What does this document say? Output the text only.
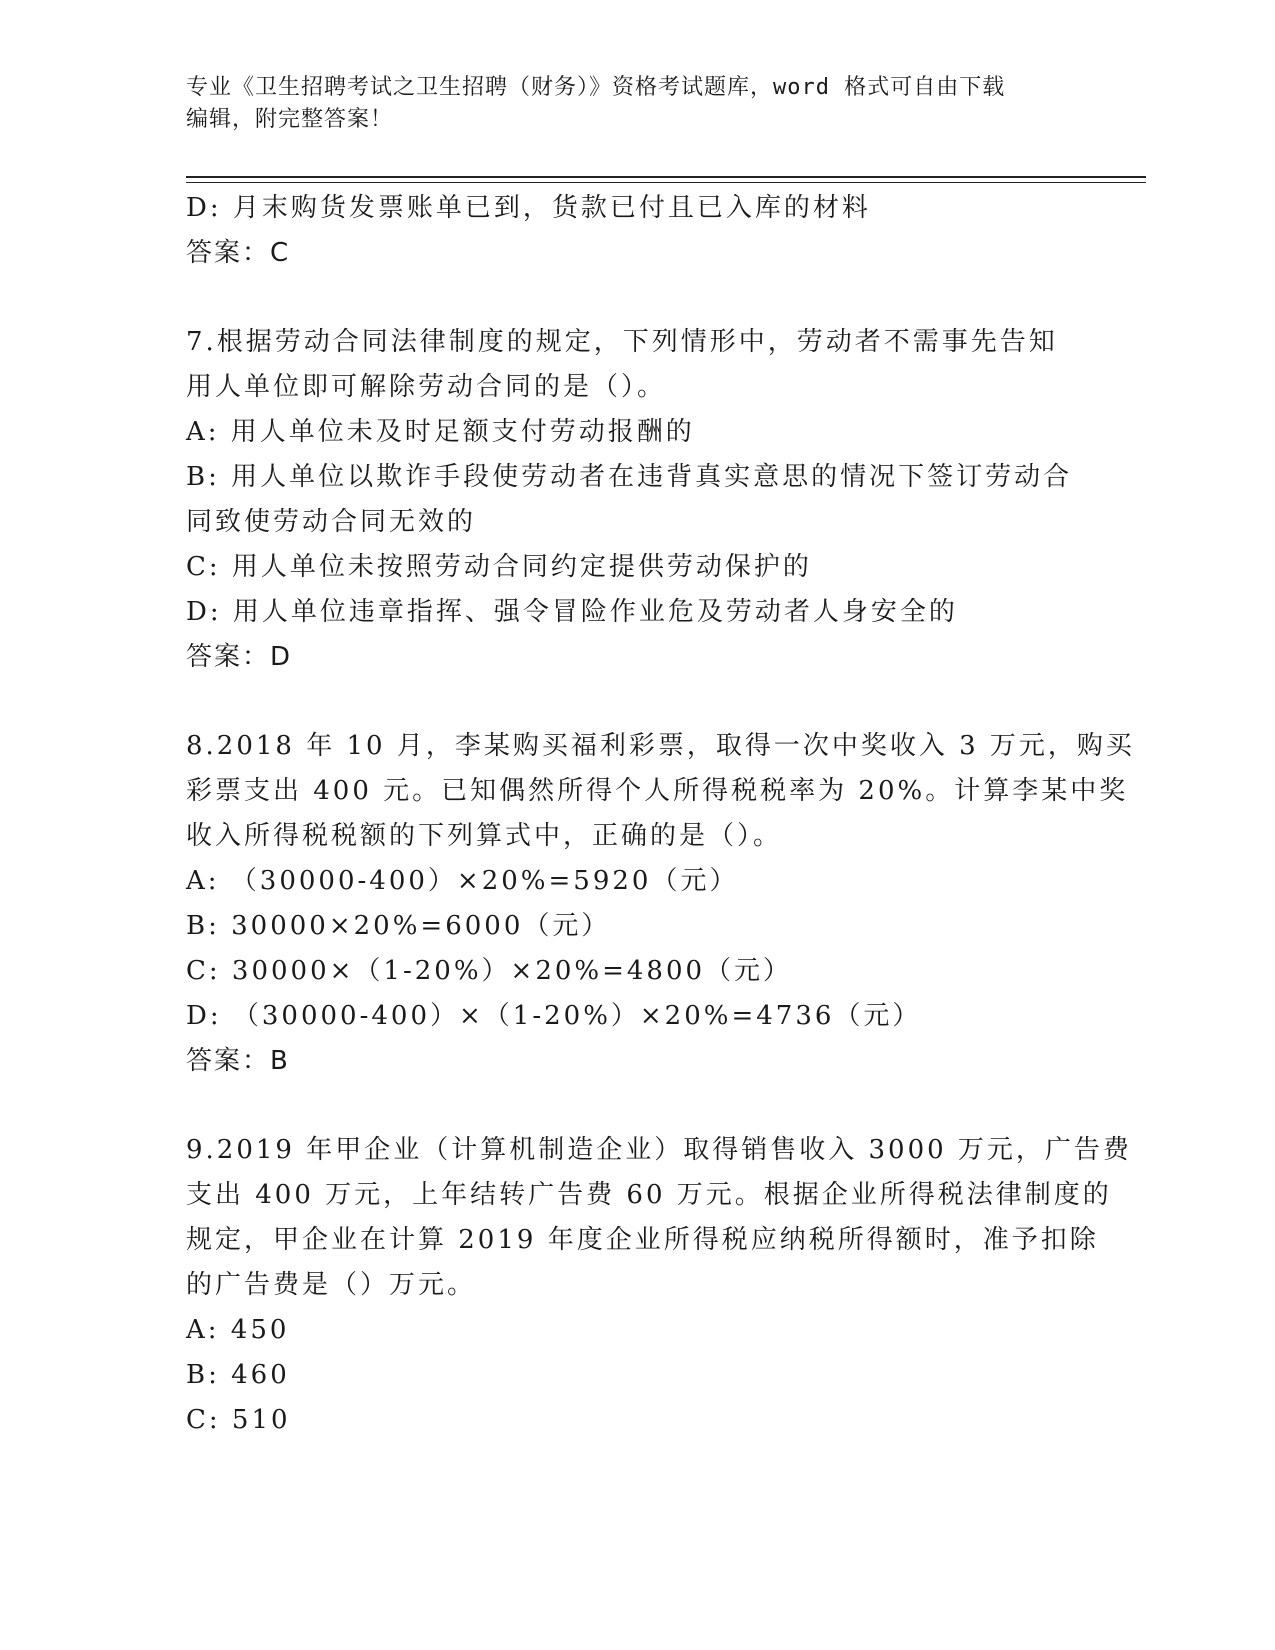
专业《卫生招聘考试之卫生招聘（财务）》资格考试题库，word 格式可自由下载
编辑，附完整答案！
D: 月末购货发票账单已到，货款已付且已入库的材料
答案：C
7.根据劳动合同法律制度的规定，下列情形中，劳动者不需事先告知
用人单位即可解除劳动合同的是（）。
A: 用人单位未及时足额支付劳动报酬的
B: 用人单位以欺诈手段使劳动者在违背真实意思的情况下签订劳动合
同致使劳动合同无效的
C: 用人单位未按照劳动合同约定提供劳动保护的
D: 用人单位违章指挥、强令冒险作业危及劳动者人身安全的
答案：D
8.2018 年 10 月，李某购买福利彩票，取得一次中奖收入 3 万元，购买
彩票支出 400 元。已知偶然所得个人所得税税率为 20%。计算李某中奖
收入所得税税额的下列算式中，正确的是（）。
A: （30000-400）×20%=5920（元）
B: 30000×20%=6000（元）
C: 30000×（1-20%）×20%=4800（元）
D: （30000-400）×（1-20%）×20%=4736（元）
答案：B
9.2019 年甲企业（计算机制造企业）取得销售收入 3000 万元，广告费
支出 400 万元，上年结转广告费 60 万元。根据企业所得税法律制度的
规定，甲企业在计算 2019 年度企业所得税应纳税所得额时，准予扣除
的广告费是（）万元。
A: 450
B: 460
C: 510
